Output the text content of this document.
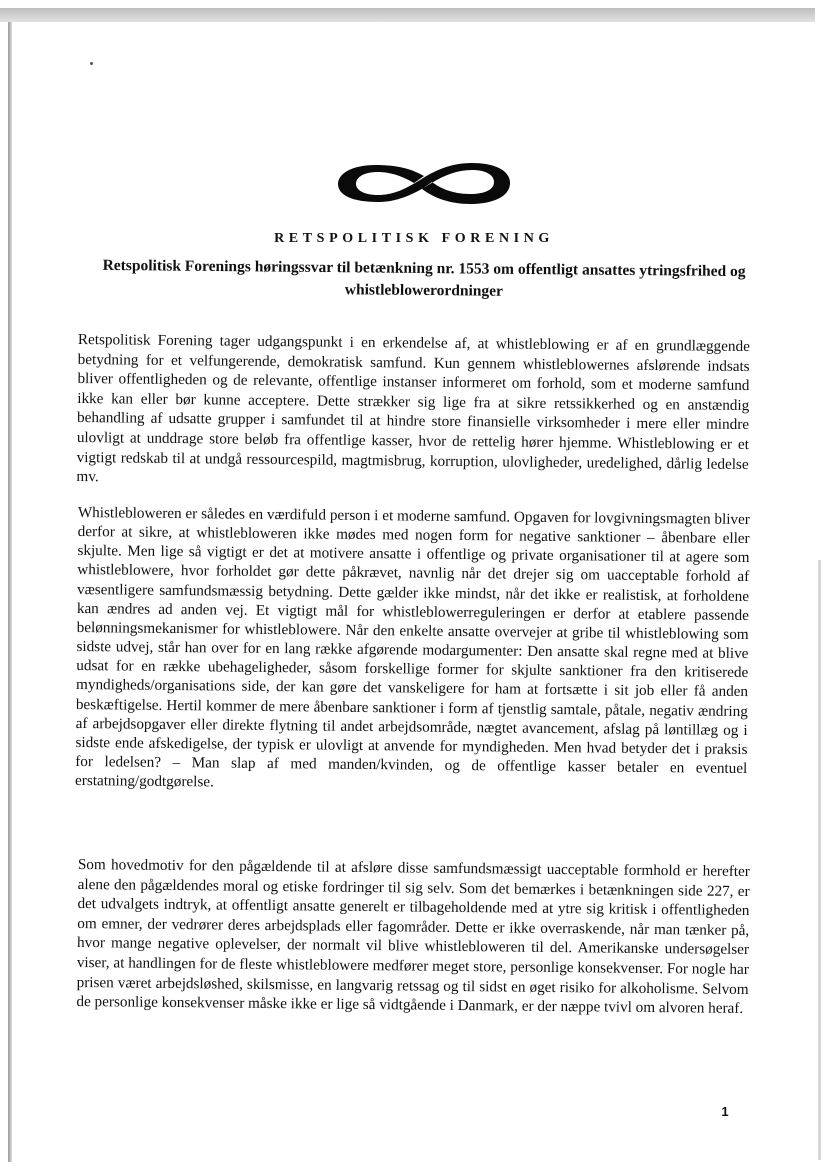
RETSPOLITISK FORENING
Retspolitisk Forenings høringssvar til betænkning nr. 1553 om offentligt ansattes ytringsfrihed og whistleblowerordninger

Retspolitisk Forening tager udgangspunkt i en erkendelse af, at whistleblowing er af en grundlæggende betydning for et velfungerende, demokratisk samfund. Kun gennem whistleblowernes afslørende indsats bliver offentligheden og de relevante, offentlige instanser informeret om forhold, som et moderne samfund ikke kan eller bør kunne acceptere. Dette strækker sig lige fra at sikre retssikkerhed og en anstændig behandling af udsatte grupper i samfundet til at hindre store finansielle virksomheder i mere eller mindre ulovligt at unddrage store beløb fra offentlige kasser, hvor de rettelig hører hjemme. Whistleblowing er et vigtigt redskab til at undgå ressourcespild, magtmisbrug, korruption, ulovligheder, uredelighed, dårlig ledelse mv.

Whistlebloweren er således en værdifuld person i et moderne samfund. Opgaven for lovgivningsmagten bliver derfor at sikre, at whistlebloweren ikke mødes med nogen form for negative sanktioner – åbenbare eller skjulte. Men lige så vigtigt er det at motivere ansatte i offentlige og private organisationer til at agere som whistleblowere, hvor forholdet gør dette påkrævet, navnlig når det drejer sig om uacceptable forhold af væsentligere samfundsmæssig betydning. Dette gælder ikke mindst, når det ikke er realistisk, at forholdene kan ændres ad anden vej. Et vigtigt mål for whistleblowerreguleringen er derfor at etablere passende belønningsmekanismer for whistleblowere. Når den enkelte ansatte overvejer at gribe til whistleblowing som sidste udvej, står han over for en lang række afgørende modargumenter: Den ansatte skal regne med at blive udsat for en række ubehageligheder, såsom forskellige former for skjulte sanktioner fra den kritiserede myndigheds/organisations side, der kan gøre det vanskeligere for ham at fortsætte i sit job eller få anden beskæftigelse. Hertil kommer de mere åbenbare sanktioner i form af tjenstlig samtale, påtale, negativ ændring af arbejdsopgaver eller direkte flytning til andet arbejdsområde, nægtet avancement, afslag på løntillæg og i sidste ende afskedigelse, der typisk er ulovligt at anvende for myndigheden. Men hvad betyder det i praksis for ledelsen? – Man slap af med manden/kvinden, og de offentlige kasser betaler en eventuel erstatning/godtgørelse.

Som hovedmotiv for den pågældende til at afsløre disse samfundsmæssigt uacceptable formhold er herefter alene den pågældendes moral og etiske fordringer til sig selv. Som det bemærkes i betænkningen side 227, er det udvalgets indtryk, at offentligt ansatte generelt er tilbageholdende med at ytre sig kritisk i offentligheden om emner, der vedrører deres arbejdsplads eller fagområder. Dette er ikke overraskende, når man tænker på, hvor mange negative oplevelser, der normalt vil blive whistlebloweren til del. Amerikanske undersøgelser viser, at handlingen for de fleste whistleblowere medfører meget store, personlige konsekvenser. For nogle har prisen været arbejdsløshed, skilsmisse, en langvarig retssag og til sidst en øget risiko for alkoholisme. Selvom de personlige konsekvenser måske ikke er lige så vidtgående i Danmark, er der næppe tvivl om alvoren heraf.

1
